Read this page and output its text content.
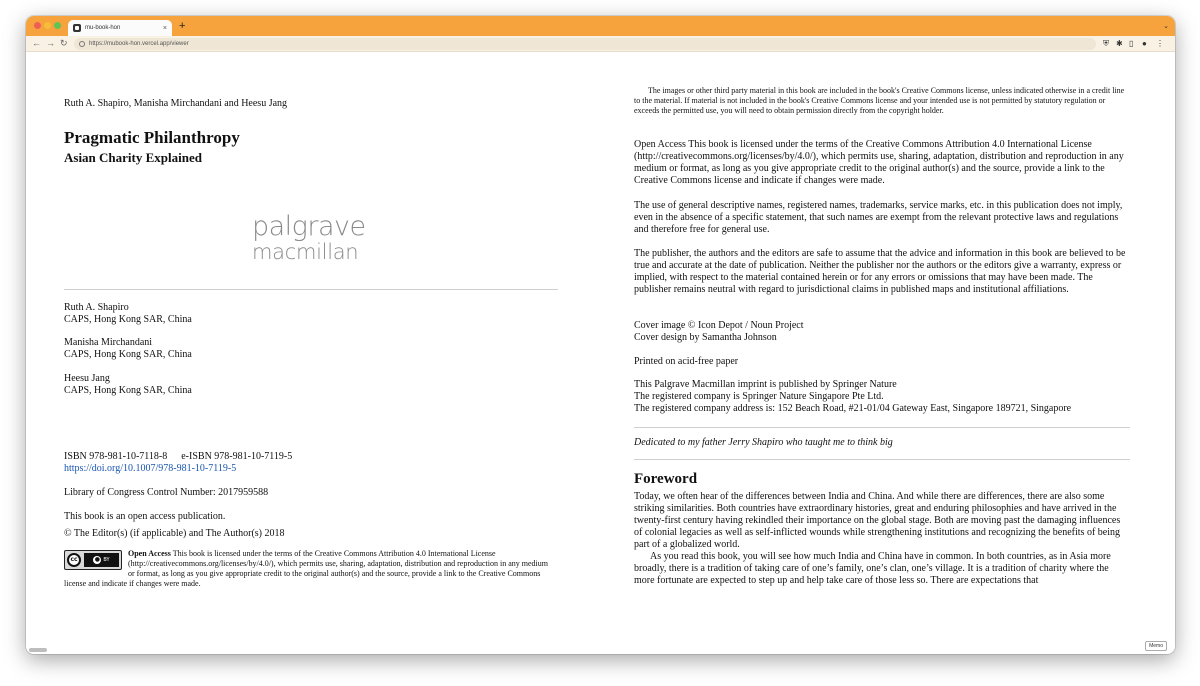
mu-book-hon	× +	⌄
← → ↻	https://mubook-hon.vercel.app/viewer	⛨ ✱ ▯ ● ⋮
Ruth A. Shapiro, Manisha Mirchandani and Heesu Jang
Pragmatic Philanthropy
Asian Charity Explained
palgrave
macmillan
Ruth A. Shapiro
CAPS, Hong Kong SAR, China
Manisha Mirchandani
CAPS, Hong Kong SAR, China
Heesu Jang
CAPS, Hong Kong SAR, China
ISBN 978-981-10-7118-8 e-ISBN 978-981-10-7119-5
https://doi.org/10.1007/978-981-10-7119-5
Library of Congress Control Number: 2017959588
This book is an open access publication.
© The Editor(s) (if applicable) and The Author(s) 2018
cc	● BY
Open Access This book is licensed under the terms of the Creative Commons Attribution 4.0 International License (http://creativecommons.org/licenses/by/4.0/), which permits use, sharing, adaptation, distribution and reproduction in any medium or format, as long as you give appropriate credit to the original author(s) and the source, provide a link to the Creative Commons license and indicate if changes were made.
The images or other third party material in this book are included in the book's Creative Commons license, unless indicated otherwise in a credit line to the material. If material is not included in the book's Creative Commons license and your intended use is not permitted by statutory regulation or exceeds the permitted use, you will need to obtain permission directly from the copyright holder.
Open Access This book is licensed under the terms of the Creative Commons Attribution 4.0 International License (http://creativecommons.org/licenses/by/4.0/), which permits use, sharing, adaptation, distribution and reproduction in any medium or format, as long as you give appropriate credit to the original author(s) and the source, provide a link to the Creative Commons license and indicate if changes were made.
The use of general descriptive names, registered names, trademarks, service marks, etc. in this publication does not imply, even in the absence of a specific statement, that such names are exempt from the relevant protective laws and regulations and therefore free for general use.
The publisher, the authors and the editors are safe to assume that the advice and information in this book are believed to be true and accurate at the date of publication. Neither the publisher nor the authors or the editors give a warranty, express or implied, with respect to the material contained herein or for any errors or omissions that may have been made. The publisher remains neutral with regard to jurisdictional claims in published maps and institutional affiliations.
Cover image © Icon Depot / Noun Project
Cover design by Samantha Johnson
Printed on acid-free paper
This Palgrave Macmillan imprint is published by Springer Nature
The registered company is Springer Nature Singapore Pte Ltd.
The registered company address is: 152 Beach Road, #21-01/04 Gateway East, Singapore 189721, Singapore
Dedicated to my father Jerry Shapiro who taught me to think big
Foreword
Today, we often hear of the differences between India and China. And while there are differences, there are also some striking similarities. Both countries have extraordinary histories, great and enduring philosophies and have arrived in the twenty-first century having rekindled their importance on the global stage. Both are moving past the damaging influences of colonial legacies as well as self-inflicted wounds while strengthening institutions and recognizing the benefits of being part of a globalized world.
As you read this book, you will see how much India and China have in common. In both countries, as in Asia more broadly, there is a tradition of taking care of one’s family, one’s clan, one’s village. It is a tradition of charity where the more fortunate are expected to step up and help take care of those less so. There are expectations that
Memo
